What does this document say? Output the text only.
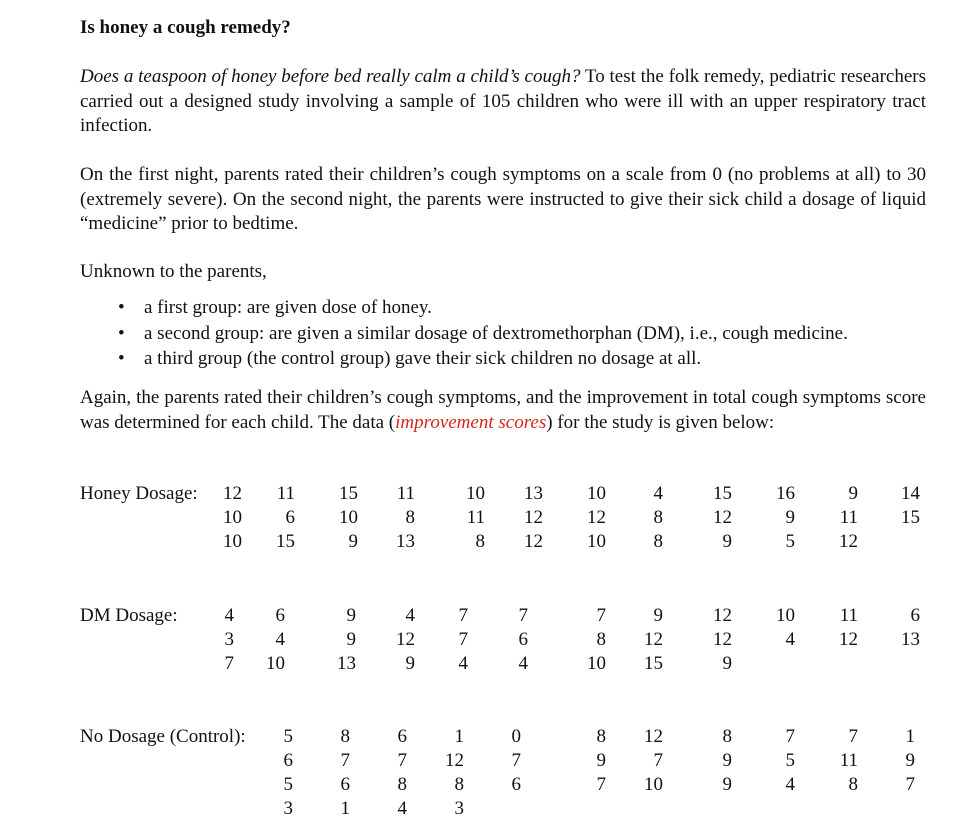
Is honey a cough remedy?

Does a teaspoon of honey before bed really calm a child’s cough? To test the folk remedy, pediatric researchers carried out a designed study involving a sample of 105 children who were ill with an upper respiratory tract infection.

On the first night, parents rated their children’s cough symptoms on a scale from 0 (no problems at all) to 30 (extremely severe). On the second night, the parents were instructed to give their sick child a dosage of liquid “medicine” prior to bedtime.

Unknown to the parents,

• a first group: are given dose of honey.
• a second group: are given a similar dosage of dextromethorphan (DM), i.e., cough medicine.
• a third group (the control group) gave their sick children no dosage at all.

Again, the parents rated their children’s cough symptoms, and the improvement in total cough symptoms score was determined for each child. The data (improvement scores) for the study is given below:

Honey Dosage:
DM Dosage:
No Dosage (Control):
12
10
10
11
6
15
15
10
9
11
8
13
10
11
8
13
12
12
10
12
10
4
8
8
15
12
9
16
9
5
9
11
12
14
15
4
3
7
6
4
10
9
9
13
4
12
9
7
7
4
7
6
4
7
8
10
9
12
15
12
12
9
10
4
11
12
6
13
5
6
5
3
8
7
6
1
6
7
8
4
1
12
8
3
0
7
6
8
9
7
12
7
10
8
9
9
7
5
4
7
11
8
1
9
7
